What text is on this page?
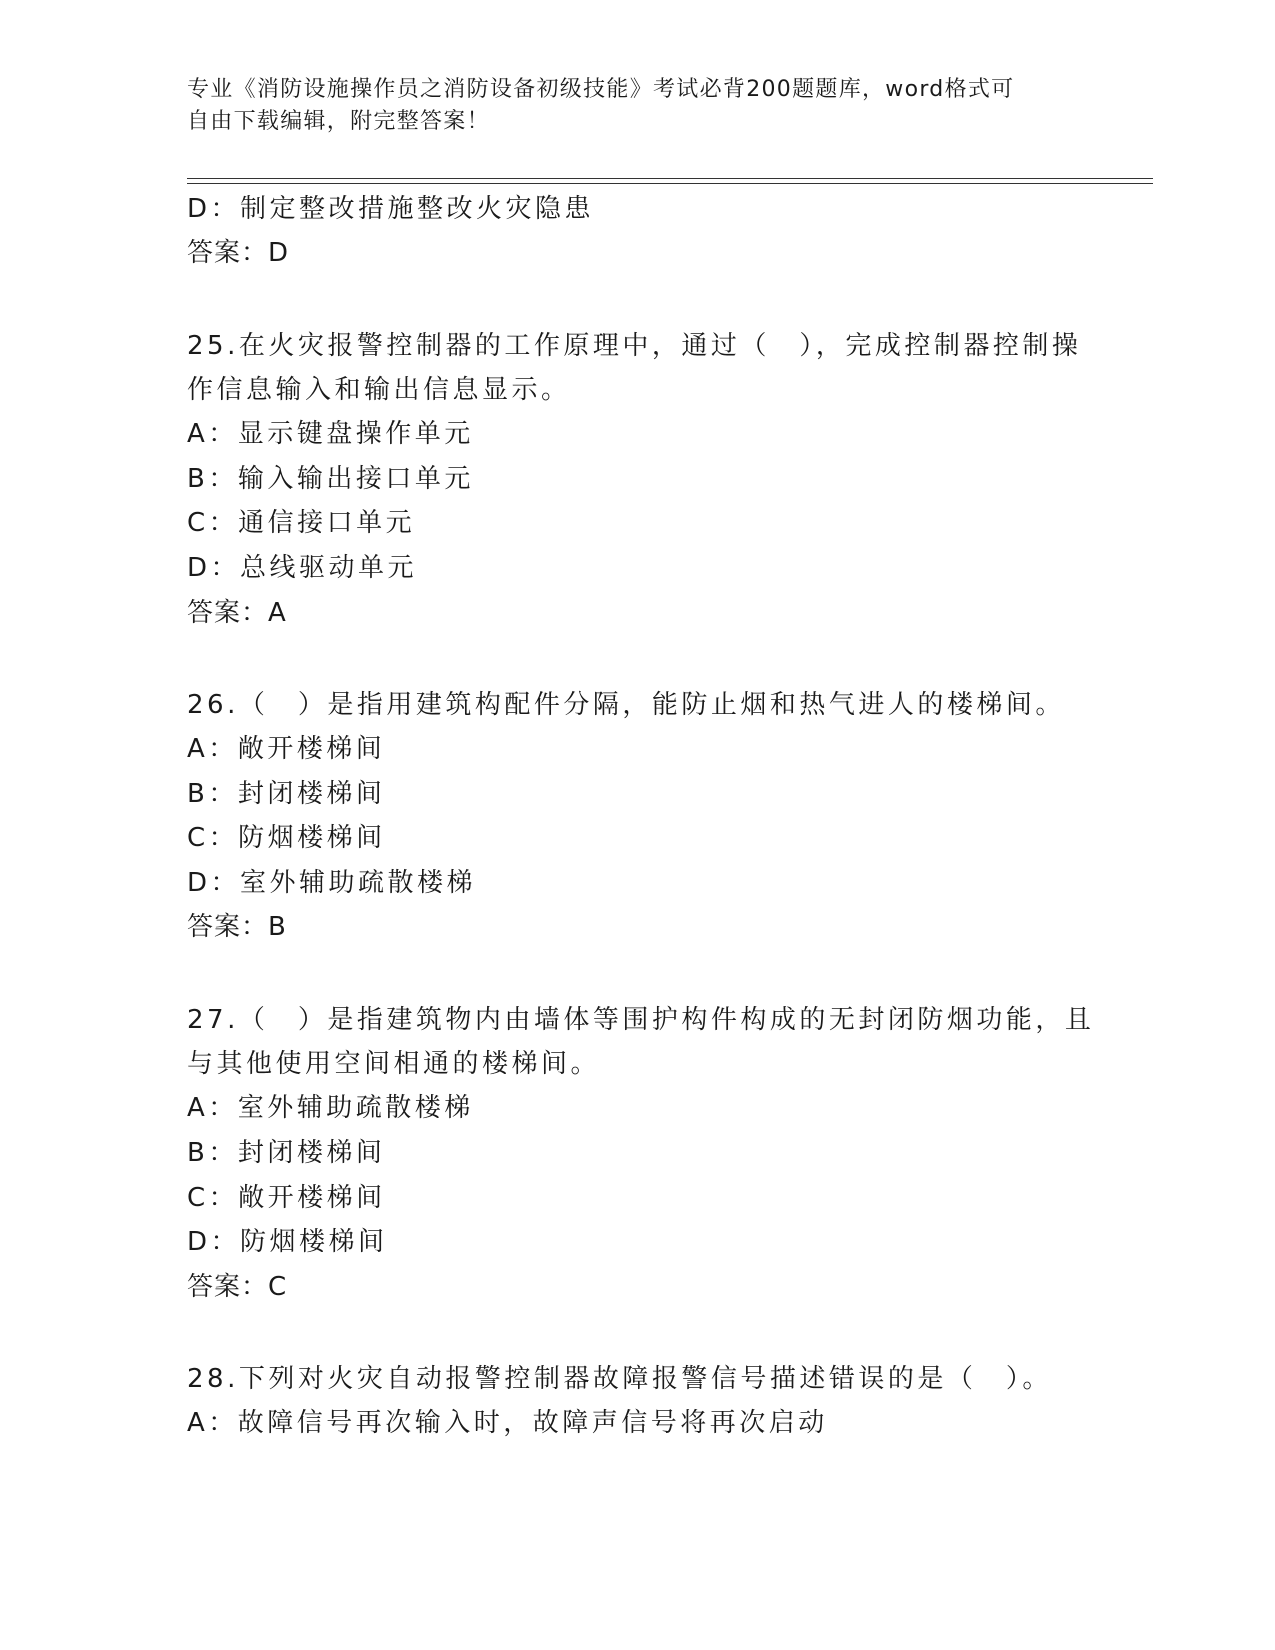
专业《消防设施操作员之消防设备初级技能》考试必背200题题库，word格式可
自由下载编辑，附完整答案！
D：制定整改措施整改火灾隐患
答案：D
25.在火灾报警控制器的工作原理中，通过（　），完成控制器控制操
作信息输入和输出信息显示。
A：显示键盘操作单元
B：输入输出接口单元
C：通信接口单元
D：总线驱动单元
答案：A
26.（　）是指用建筑构配件分隔，能防止烟和热气进人的楼梯间。
A：敞开楼梯间
B：封闭楼梯间
C：防烟楼梯间
D：室外辅助疏散楼梯
答案：B
27.（　）是指建筑物内由墙体等围护构件构成的无封闭防烟功能，且
与其他使用空间相通的楼梯间。
A：室外辅助疏散楼梯
B：封闭楼梯间
C：敞开楼梯间
D：防烟楼梯间
答案：C
28.下列对火灾自动报警控制器故障报警信号描述错误的是（　）。
A：故障信号再次输入时，故障声信号将再次启动
